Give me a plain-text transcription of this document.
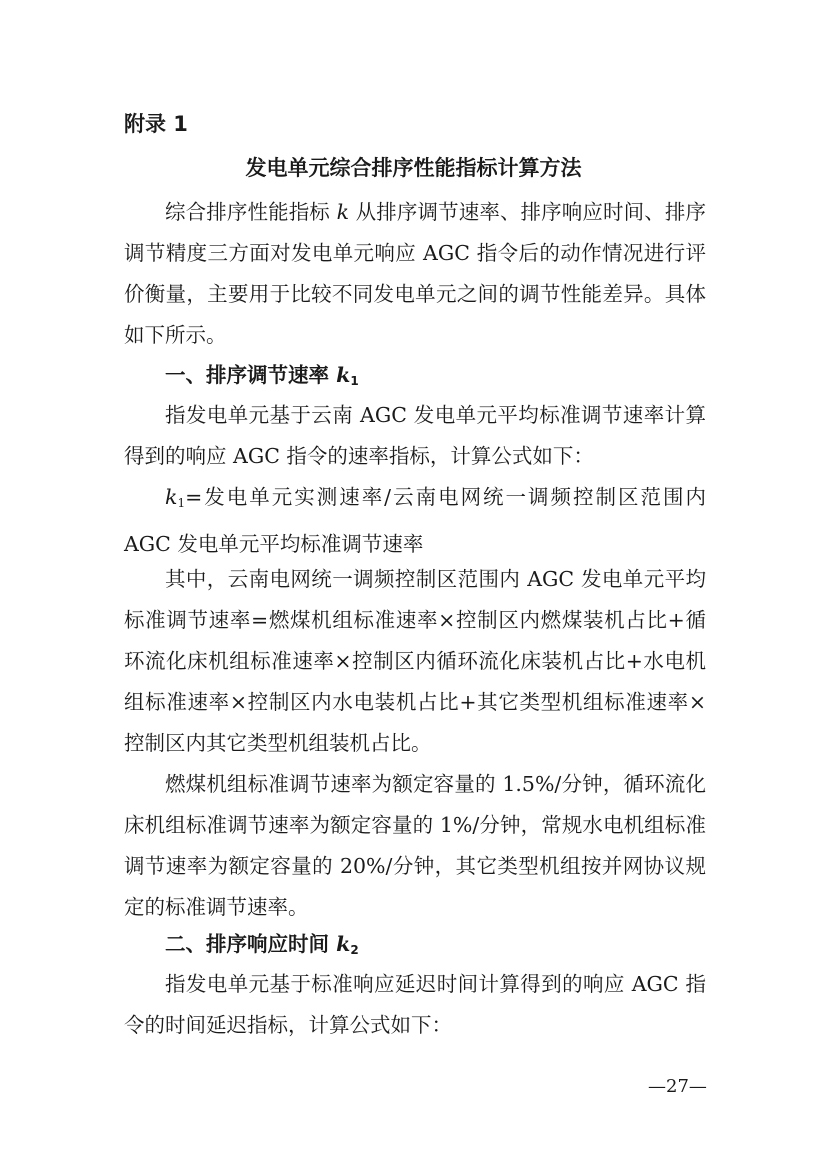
附录 1
发电单元综合排序性能指标计算方法

综合排序性能指标 k 从排序调节速率、排序响应时间、排序调节精度三方面对发电单元响应 AGC 指令后的动作情况进行评价衡量，主要用于比较不同发电单元之间的调节性能差异。具体如下所示。

一、排序调节速率 $k_1$

指发电单元基于云南 AGC 发电单元平均标准调节速率计算得到的响应 AGC 指令的速率指标，计算公式如下：

$k_1=$发电单元实测速率/云南电网统一调频控制区范围内 AGC 发电单元平均标准调节速率

其中，云南电网统一调频控制区范围内 AGC 发电单元平均标准调节速率=燃煤机组标准速率×控制区内燃煤装机占比+循环流化床机组标准速率×控制区内循环流化床装机占比+水电机组标准速率×控制区内水电装机占比+其它类型机组标准速率×控制区内其它类型机组装机占比。

燃煤机组标准调节速率为额定容量的 1.5%/分钟，循环流化床机组标准调节速率为额定容量的 1%/分钟，常规水电机组标准调节速率为额定容量的 20%/分钟，其它类型机组按并网协议规定的标准调节速率。

二、排序响应时间 $k_2$

指发电单元基于标准响应延迟时间计算得到的响应 AGC 指令的时间延迟指标，计算公式如下：

—27—
